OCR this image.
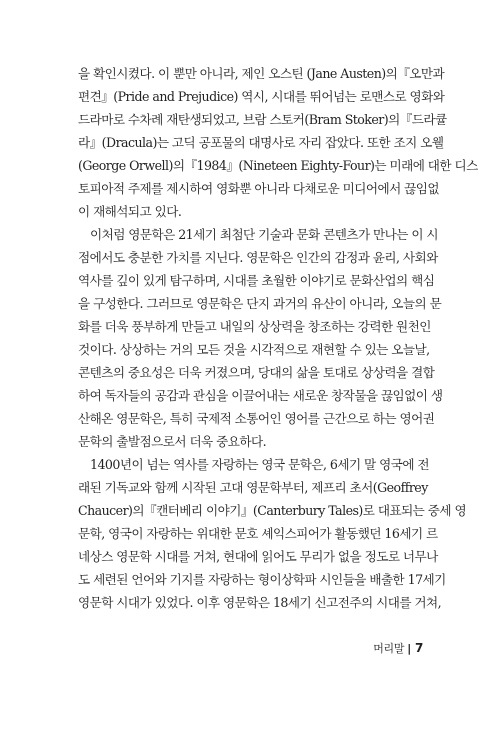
을 확인시켰다. 이 뿐만 아니라, 제인 오스틴 (Jane Austen)의『오만과
편견』(Pride and Prejudice) 역시, 시대를 뛰어넘는 로맨스로 영화와
드라마로 수차례 재탄생되었고, 브람 스토커(Bram Stoker)의『드라큘
라』(Dracula)는 고딕 공포물의 대명사로 자리 잡았다. 또한 조지 오웰
(George Orwell)의『1984』(Nineteen Eighty-Four)는 미래에 대한 디스
토피아적 주제를 제시하여 영화뿐 아니라 다채로운 미디어에서 끊임없
이 재해석되고 있다.

이처럼 영문학은 21세기 최첨단 기술과 문화 콘텐츠가 만나는 이 시
점에서도 충분한 가치를 지닌다. 영문학은 인간의 감정과 윤리, 사회와
역사를 깊이 있게 탐구하며, 시대를 초월한 이야기로 문화산업의 핵심
을 구성한다. 그러므로 영문학은 단지 과거의 유산이 아니라, 오늘의 문
화를 더욱 풍부하게 만들고 내일의 상상력을 창조하는 강력한 원천인
것이다. 상상하는 거의 모든 것을 시각적으로 재현할 수 있는 오늘날,
콘텐츠의 중요성은 더욱 커졌으며, 당대의 삶을 토대로 상상력을 결합
하여 독자들의 공감과 관심을 이끌어내는 새로운 창작물을 끊임없이 생
산해온 영문학은, 특히 국제적 소통어인 영어를 근간으로 하는 영어권
문학의 출발점으로서 더욱 중요하다.

1400년이 넘는 역사를 자랑하는 영국 문학은, 6세기 말 영국에 전
래된 기독교와 함께 시작된 고대 영문학부터, 제프리 초서(Geoffrey
Chaucer)의『캔터베리 이야기』(Canterbury Tales)로 대표되는 중세 영
문학, 영국이 자랑하는 위대한 문호 셰익스피어가 활동했던 16세기 르
네상스 영문학 시대를 거쳐, 현대에 읽어도 무리가 없을 정도로 너무나
도 세련된 언어와 기지를 자랑하는 형이상학파 시인들을 배출한 17세기
영문학 시대가 있었다. 이후 영문학은 18세기 신고전주의 시대를 거쳐,

머리말 | 7
